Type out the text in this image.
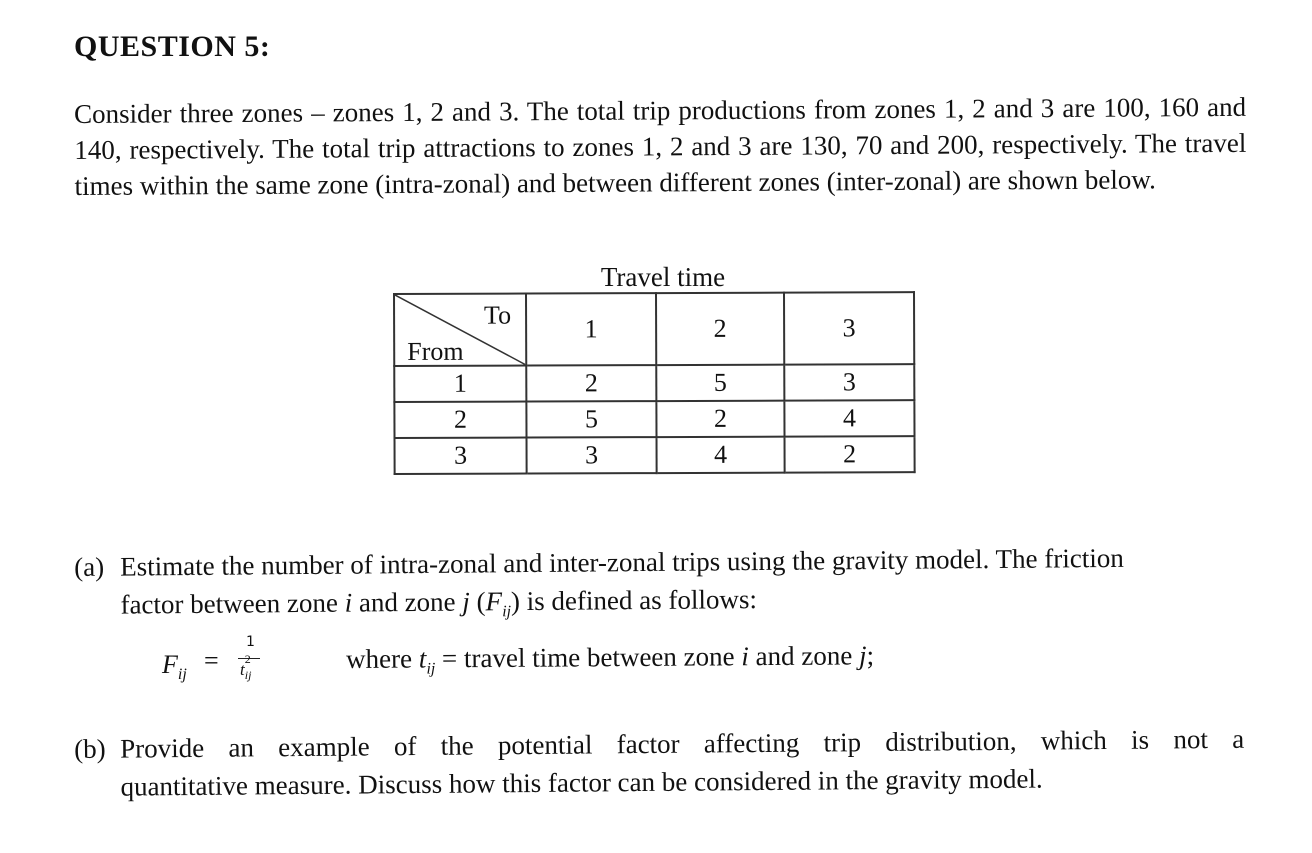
QUESTION 5:
Consider three zones – zones 1, 2 and 3. The total trip productions from zones 1, 2 and 3 are 100, 160 and 140, respectively. The total trip attractions to zones 1, 2 and 3 are 130, 70 and 200, respectively. The travel times within the same zone (intra-zonal) and between different zones (inter-zonal) are shown below.
Travel time
To
From	1	2	3
1	2	5	3
2	5	2	4
3	3	4	2
(a) Estimate the number of intra-zonal and inter-zonal trips using the gravity model. The friction
factor between zone i and zone j $(F_{ij})$ is defined as follows:
$F_{ij}$ =
1
t
2
ij
where $t_{ij}$ = travel time between zone i and zone j;
(b) Provide an example of the potential factor affecting trip distribution, which is not a
quantitative measure. Discuss how this factor can be considered in the gravity model.
